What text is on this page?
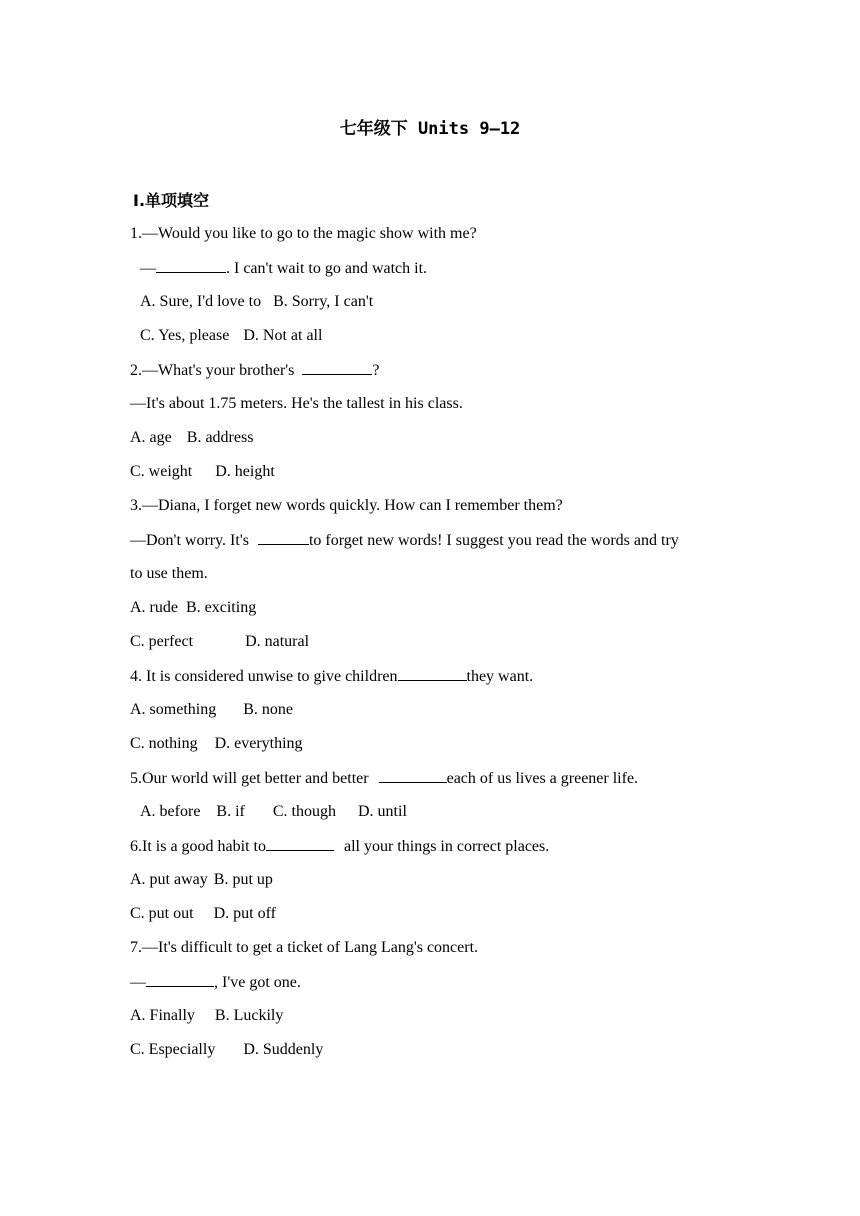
七年级下 Units 9—12
Ⅰ.单项填空
1.—Would you like to go to the magic show with me?
—	. I can't wait to go and watch it.
A. Sure, I'd love to B. Sorry, I can't
C. Yes, please D. Not at all
2.—What's your brother's	?
—It's about 1.75 meters. He's the tallest in his class.
A. age B. address
C. weight D. height
3.—Diana, I forget new words quickly. How can I remember them?
—Don't worry. It's	to forget new words! I suggest you read the words and try
to use them.
A. rude B. exciting
C. perfect	D. natural
4. It is considered unwise to give children	they want.
A. something B. none
C. nothing D. everything
5.Our world will get better and better	each of us lives a greener life.
A. before B. if C. though D. until
6.It is a good habit to	all your things in correct places.
A. put away B. put up
C. put out D. put off
7.—It's difficult to get a ticket of Lang Lang's concert.
—	, I've got one.
A. Finally B. Luckily
C. Especially D. Suddenly
